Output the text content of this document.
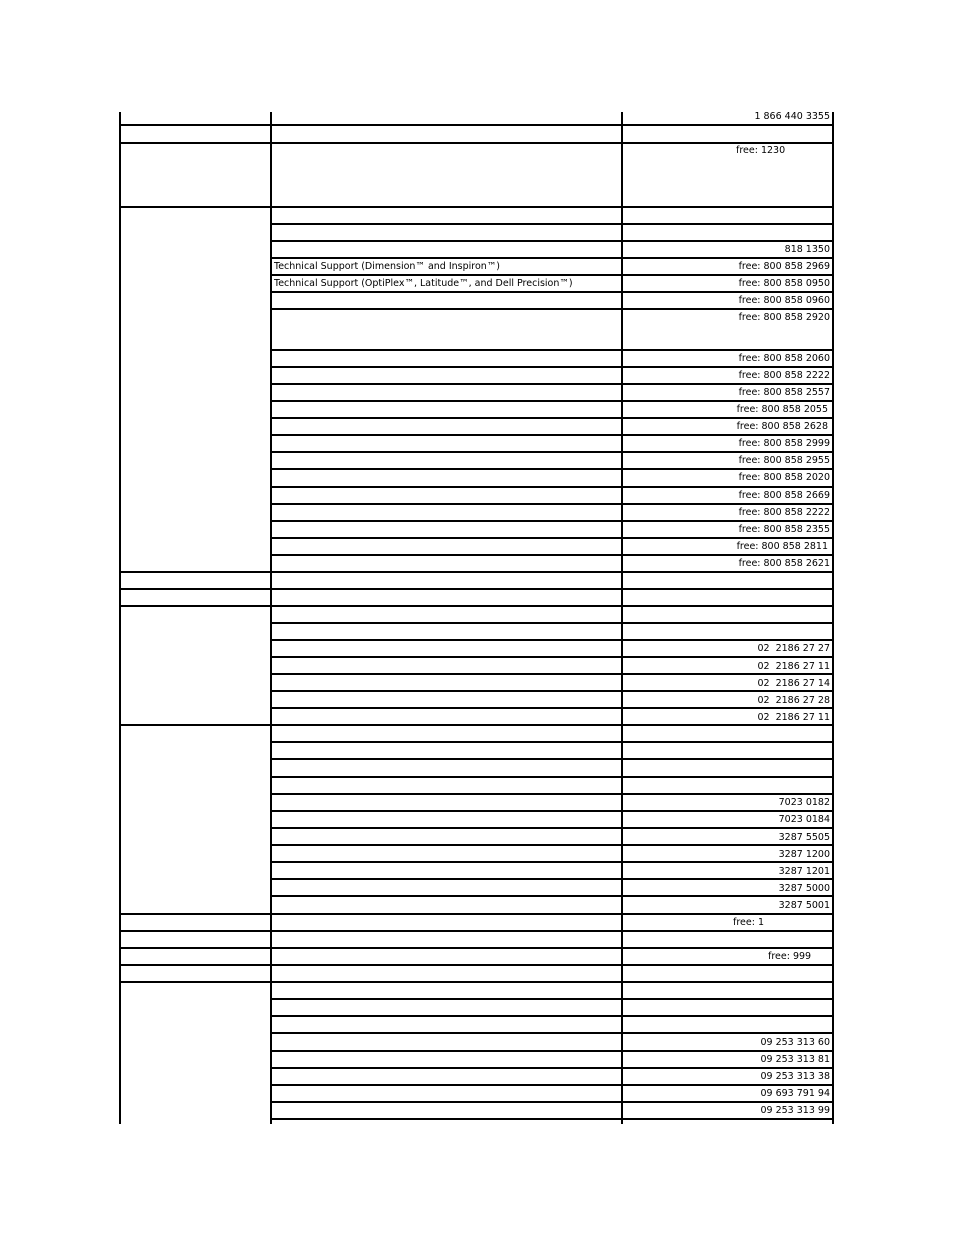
1 866 440 3355
free: 1230
818 1350
Technical Support (Dimension™ and Inspiron™)	free: 800 858 2969
Technical Support (OptiPlex™, Latitude™, and Dell Precision™)	free: 800 858 0950
free: 800 858 0960
free: 800 858 2920
free: 800 858 2060
free: 800 858 2222
free: 800 858 2557
free: 800 858 2055
free: 800 858 2628
free: 800 858 2999
free: 800 858 2955
free: 800 858 2020
free: 800 858 2669
free: 800 858 2222
free: 800 858 2355
free: 800 858 2811
free: 800 858 2621
02  2186 27 27
02  2186 27 11
02  2186 27 14
02  2186 27 28
02  2186 27 11
7023 0182
7023 0184
3287 5505
3287 1200
3287 1201
3287 5000
3287 5001
free: 1
free: 999
09 253 313 60
09 253 313 81
09 253 313 38
09 693 791 94
09 253 313 99
